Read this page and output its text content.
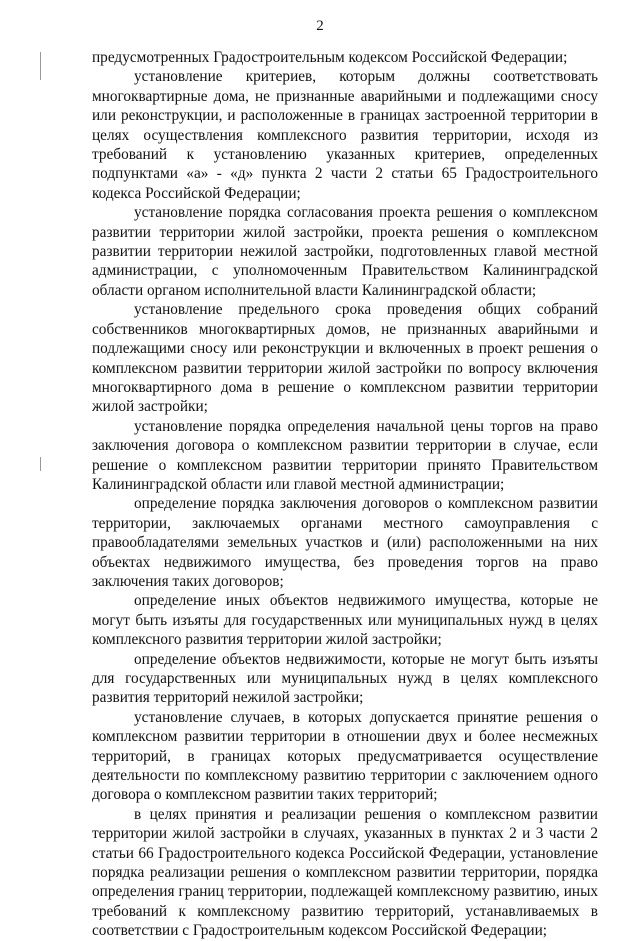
2

предусмотренных Градостроительным кодексом Российской Федерации;

установление критериев, которым должны соответствовать многоквартирные дома, не признанные аварийными и подлежащими сносу или реконструкции, и расположенные в границах застроенной территории в целях осуществления комплексного развития территории, исходя из требований к установлению указанных критериев, определенных подпунктами «а» - «д» пункта 2 части 2 статьи 65 Градостроительного кодекса Российской Федерации;

установление порядка согласования проекта решения о комплексном развитии территории жилой застройки, проекта решения о комплексном развитии территории нежилой застройки, подготовленных главой местной администрации, с уполномоченным Правительством Калининградской области органом исполнительной власти Калининградской области;

установление предельного срока проведения общих собраний собственников многоквартирных домов, не признанных аварийными и подлежащими сносу или реконструкции и включенных в проект решения о комплексном развитии территории жилой застройки по вопросу включения многоквартирного дома в решение о комплексном развитии территории жилой застройки;

установление порядка определения начальной цены торгов на право заключения договора о комплексном развитии территории в случае, если решение о комплексном развитии территории принято Правительством Калининградской области или главой местной администрации;

определение порядка заключения договоров о комплексном развитии территории, заключаемых органами местного самоуправления с правообладателями земельных участков и (или) расположенными на них объектах недвижимого имущества, без проведения торгов на право заключения таких договоров;

определение иных объектов недвижимого имущества, которые не могут быть изъяты для государственных или муниципальных нужд в целях комплексного развития территории жилой застройки;

определение объектов недвижимости, которые не могут быть изъяты для государственных или муниципальных нужд в целях комплексного развития территорий нежилой застройки;

установление случаев, в которых допускается принятие решения о комплексном развитии территории в отношении двух и более несмежных территорий, в границах которых предусматривается осуществление деятельности по комплексному развитию территории с заключением одного договора о комплексном развитии таких территорий;

в целях принятия и реализации решения о комплексном развитии территории жилой застройки в случаях, указанных в пунктах 2 и 3 части 2 статьи 66 Градостроительного кодекса Российской Федерации, установление порядка реализации решения о комплексном развитии территории, порядка определения границ территории, подлежащей комплексному развитию, иных требований к комплексному развитию территорий, устанавливаемых в соответствии с Градостроительным кодексом Российской Федерации;
